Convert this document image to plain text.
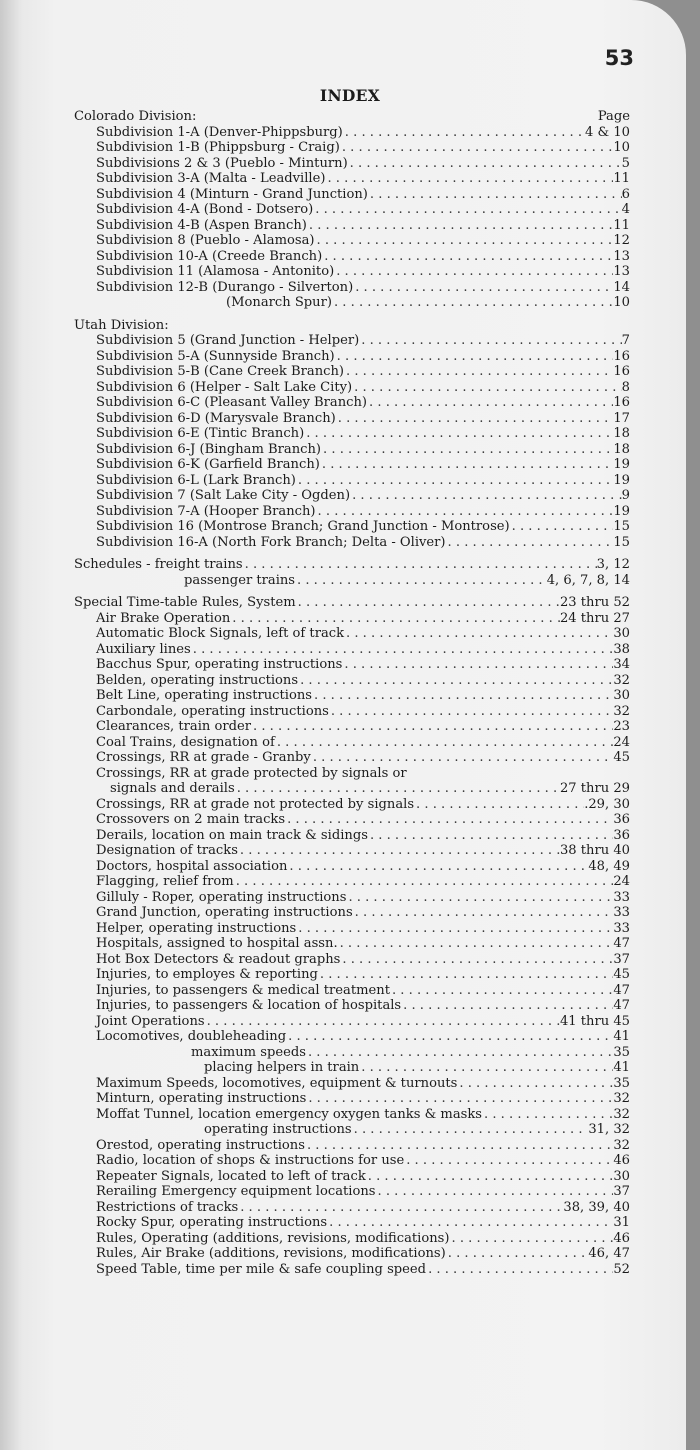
53
INDEX
Colorado Division:	Page
Subdivision 1-A (Denver-Phippsburg) . . .	4 & 10
Subdivision 1-B (Phippsburg - Craig) . . .	10
Subdivisions 2 & 3 (Pueblo - Minturn) . . .	5
Subdivision 3-A (Malta - Leadville) . . .	11
Subdivision 4 (Minturn - Grand Junction) . . .	6
Subdivision 4-A (Bond - Dotsero) . . .	4
Subdivision 4-B (Aspen Branch) . . .	11
Subdivision 8 (Pueblo - Alamosa) . . .	12
Subdivision 10-A (Creede Branch) . . .	13
Subdivision 11 (Alamosa - Antonito) . . .	13
Subdivision 12-B (Durango - Silverton) . . .	14
(Monarch Spur) . . .	10
Utah Division:
Subdivision 5 (Grand Junction - Helper) . . .	7
Subdivision 5-A (Sunnyside Branch) . . .	16
Subdivision 5-B (Cane Creek Branch) . . .	16
Subdivision 6 (Helper - Salt Lake City) . . .	8
Subdivision 6-C (Pleasant Valley Branch) . . .	16
Subdivision 6-D (Marysvale Branch) . . .	17
Subdivision 6-E (Tintic Branch) . . .	18
Subdivision 6-J (Bingham Branch) . . .	18
Subdivision 6-K (Garfield Branch) . . .	19
Subdivision 6-L (Lark Branch) . . .	19
Subdivision 7 (Salt Lake City - Ogden) . . .	9
Subdivision 7-A (Hooper Branch) . . .	19
Subdivision 16 (Montrose Branch; Grand Junction - Montrose) . . .	15
Subdivision 16-A (North Fork Branch; Delta - Oliver) . . .	15
Schedules - freight trains . . .	3, 12
passenger trains . . .	4, 6, 7, 8, 14
Special Time-table Rules, System . . .	23 thru 52
Air Brake Operation . . .	24 thru 27
Automatic Block Signals, left of track . . .	30
Auxiliary lines . . .	38
Bacchus Spur, operating instructions . . .	34
Belden, operating instructions . . .	32
Belt Line, operating instructions . . .	30
Carbondale, operating instructions . . .	32
Clearances, train order . . .	23
Coal Trains, designation of . . .	24
Crossings, RR at grade - Granby . . .	45
Crossings, RR at grade protected by signals or
signals and derails . . .	27 thru 29
Crossings, RR at grade not protected by signals . . .	.29, 30
Crossovers on 2 main tracks . . .	36
Derails, location on main track & sidings . . .	36
Designation of tracks . . .	38 thru 40
Doctors, hospital association . . .	48, 49
Flagging, relief from . . .	24
Gilluly - Roper, operating instructions . . .	33
Grand Junction, operating instructions . . .	33
Helper, operating instructions . . .	33
Hospitals, assigned to hospital assn. . . .	47
Hot Box Detectors & readout graphs . . .	37
Injuries, to employes & reporting . . .	45
Injuries, to passengers & medical treatment . . .	47
Injuries, to passengers & location of hospitals . . .	47
Joint Operations . . .	41 thru 45
Locomotives, doubleheading . . .	41
maximum speeds . . .	35
placing helpers in train . . .	41
Maximum Speeds, locomotives, equipment & turnouts . . .	35
Minturn, operating instructions . . .	32
Moffat Tunnel, location emergency oxygen tanks & masks . . .	32
operating instructions . . .	31, 32
Orestod, operating instructions . . .	32
Radio, location of shops & instructions for use . . .	46
Repeater Signals, located to left of track . . .	30
Rerailing Emergency equipment locations . . .	37
Restrictions of tracks . . .	38, 39, 40
Rocky Spur, operating instructions . . .	31
Rules, Operating (additions, revisions, modifications) . . .	46
Rules, Air Brake (additions, revisions, modifications) . . .	46, 47
Speed Table, time per mile & safe coupling speed . . .	52
